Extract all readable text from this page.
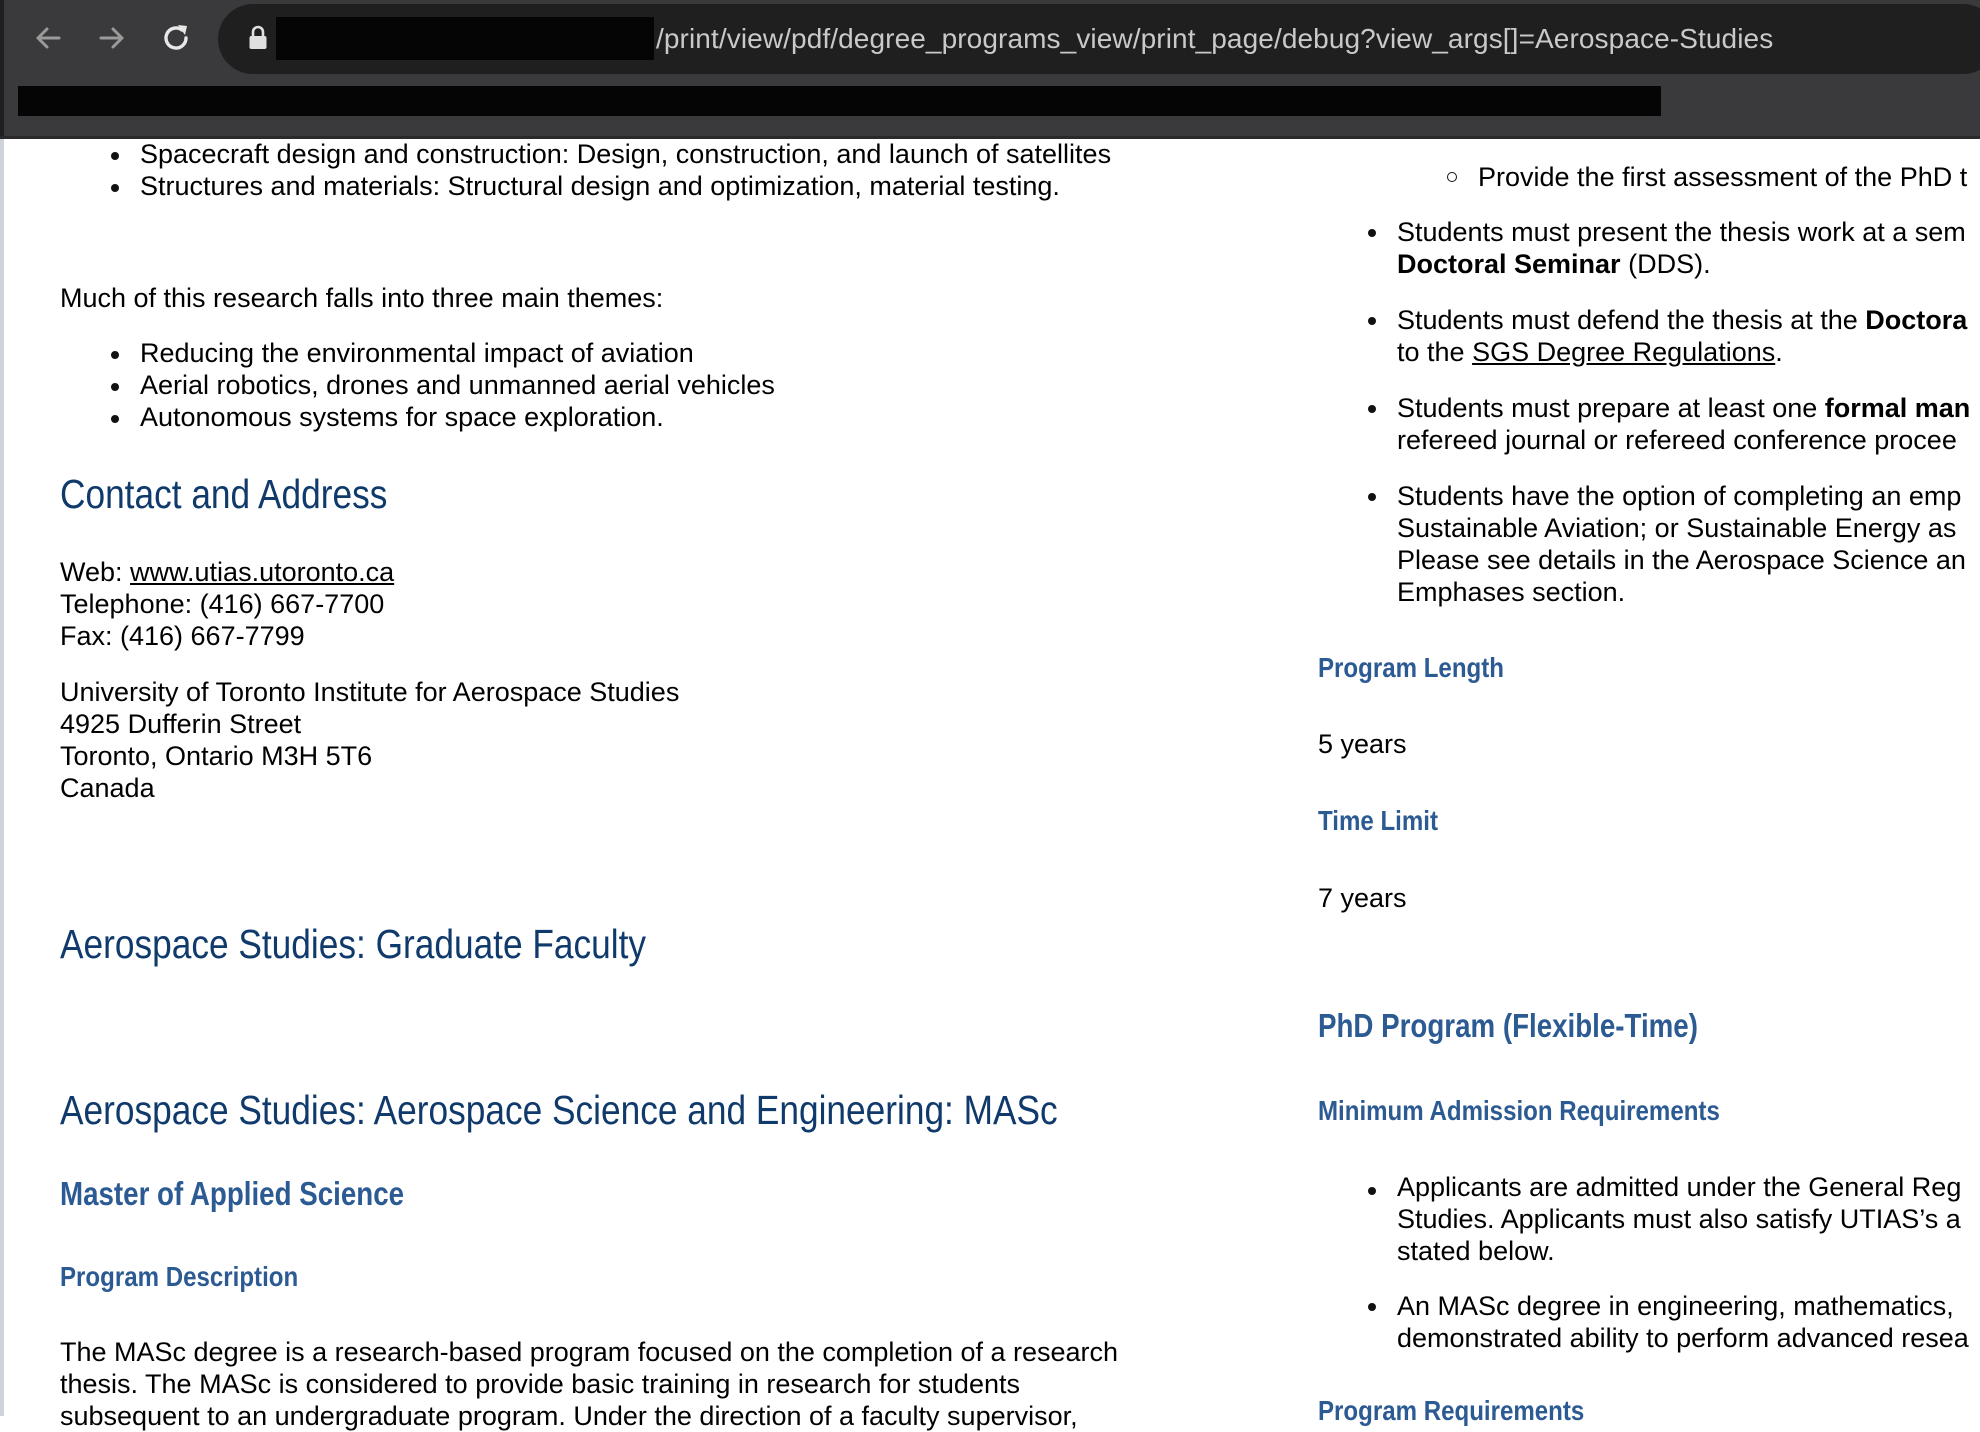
/print/view/pdf/degree_programs_view/print_page/debug?view_args[]=Aerospace-Studies
Spacecraft design and construction: Design, construction, and launch of satellites
Structures and materials: Structural design and optimization, material testing.
Much of this research falls into three main themes:
Reducing the environmental impact of aviation
Aerial robotics, drones and unmanned aerial vehicles
Autonomous systems for space exploration.
Contact and Address
Web: www.utias.utoronto.ca
Telephone: (416) 667-7700
Fax: (416) 667-7799
University of Toronto Institute for Aerospace Studies
4925 Dufferin Street
Toronto, Ontario M3H 5T6
Canada
Aerospace Studies: Graduate Faculty
Aerospace Studies: Aerospace Science and Engineering: MASc
Master of Applied Science
Program Description
The MASc degree is a research-based program focused on the completion of a research
thesis. The MASc is considered to provide basic training in research for students
subsequent to an undergraduate program. Under the direction of a faculty supervisor,
Provide the first assessment of the PhD t
Students must present the thesis work at a sem
Doctoral Seminar (DDS).
Students must defend the thesis at the Doctora
to the SGS Degree Regulations.
Students must prepare at least one formal man
refereed journal or refereed conference procee
Students have the option of completing an emp
Sustainable Aviation; or Sustainable Energy as
Please see details in the Aerospace Science an
Emphases section.
Program Length
5 years
Time Limit
7 years
PhD Program (Flexible-Time)
Minimum Admission Requirements
Applicants are admitted under the General Reg
Studies. Applicants must also satisfy UTIAS’s a
stated below.
An MASc degree in engineering, mathematics,
demonstrated ability to perform advanced resea
Program Requirements
